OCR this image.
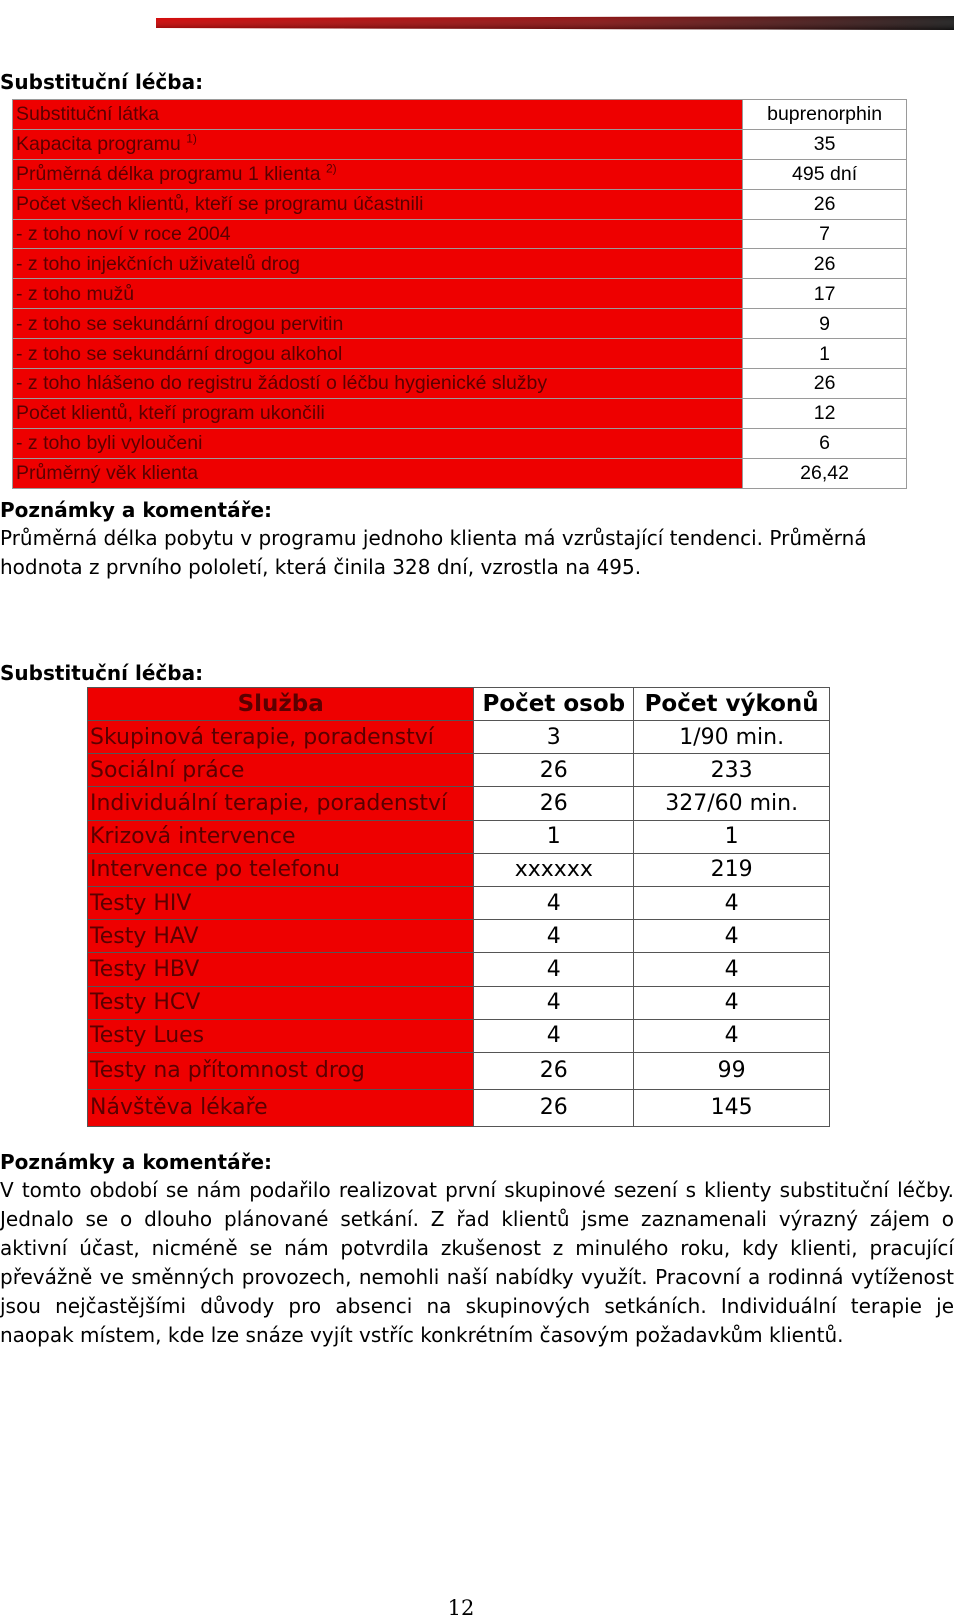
Substituční léčba:
Substituční látka	buprenorphin
Kapacita programu $^{1)}$	35
Průměrná délka programu 1 klienta $^{2)}$	495 dní
Počet všech klientů, kteří se programu účastnili	26
- z toho noví v roce 2004	7
- z toho injekčních uživatelů drog	26
- z toho mužů	17
- z toho se sekundární drogou pervitin	9
- z toho se sekundární drogou alkohol	1
- z toho hlášeno do registru žádostí o léčbu hygienické služby	26
Počet klientů, kteří program ukončili	12
- z toho byli vyloučeni	6
Průměrný věk klienta	26,42
Poznámky a komentáře:

Průměrná délka pobytu v programu jednoho klienta má vzrůstající tendenci. Průměrná hodnota z prvního pololetí, která činila 328 dní, vzrostla na 495.

Substituční léčba:
Služba	Počet osob	Počet výkonů
Skupinová terapie, poradenství	3	1/90 min.
Sociální práce	26	233
Individuální terapie, poradenství	26	327/60 min.
Krizová intervence	1	1
Intervence po telefonu	xxxxxx	219
Testy HIV	4	4
Testy HAV	4	4
Testy HBV	4	4
Testy HCV	4	4
Testy Lues	4	4
Testy na přítomnost drog	26	99
Návštěva lékaře	26	145
Poznámky a komentáře:

V tomto období se nám podařilo realizovat první skupinové sezení s klienty substituční léčby. Jednalo se o dlouho plánované setkání. Z řad klientů jsme zaznamenali výrazný zájem o aktivní účast, nicméně se nám potvrdila zkušenost z minulého roku, kdy klienti, pracující převážně ve směnných provozech, nemohli naší nabídky využít. Pracovní a rodinná vytíženost jsou nejčastějšími důvody pro absenci na skupinových setkáních. Individuální terapie je naopak místem, kde lze snáze vyjít vstříc konkrétním časovým požadavkům klientů.

12
